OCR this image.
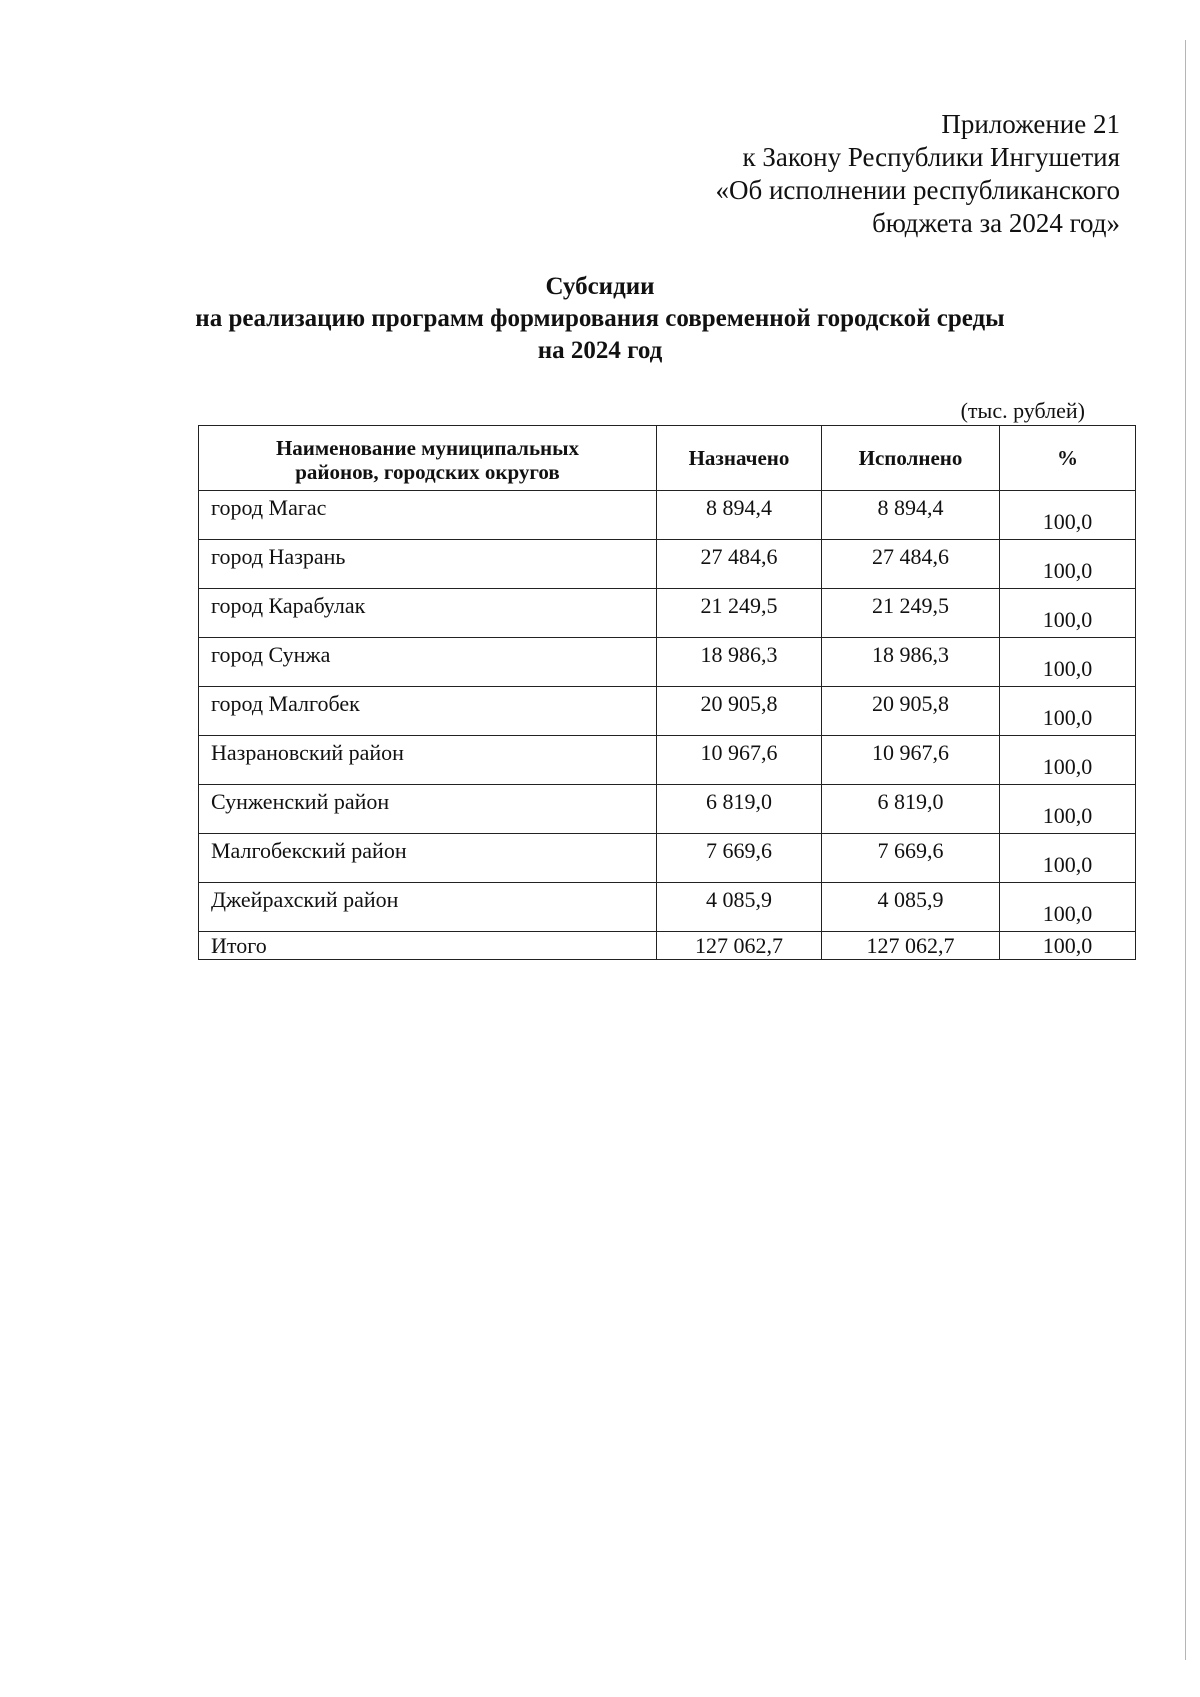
Приложение 21
к Закону Республики Ингушетия
«Об исполнении республиканского
бюджета за 2024 год»
Субсидии
на реализацию программ формирования современной городской среды
на 2024 год
(тыс. рублей)
Наименование муниципальных
районов, городских округов	Назначено	Исполнено	%
город Магас	8 894,4	8 894,4	100,0
город Назрань	27 484,6	27 484,6	100,0
город Карабулак	21 249,5	21 249,5	100,0
город Сунжа	18 986,3	18 986,3	100,0
город Малгобек	20 905,8	20 905,8	100,0
Назрановский район	10 967,6	10 967,6	100,0
Сунженский район	6 819,0	6 819,0	100,0
Малгобекский район	7 669,6	7 669,6	100,0
Джейрахский район	4 085,9	4 085,9	100,0
Итого	127 062,7	127 062,7	100,0
